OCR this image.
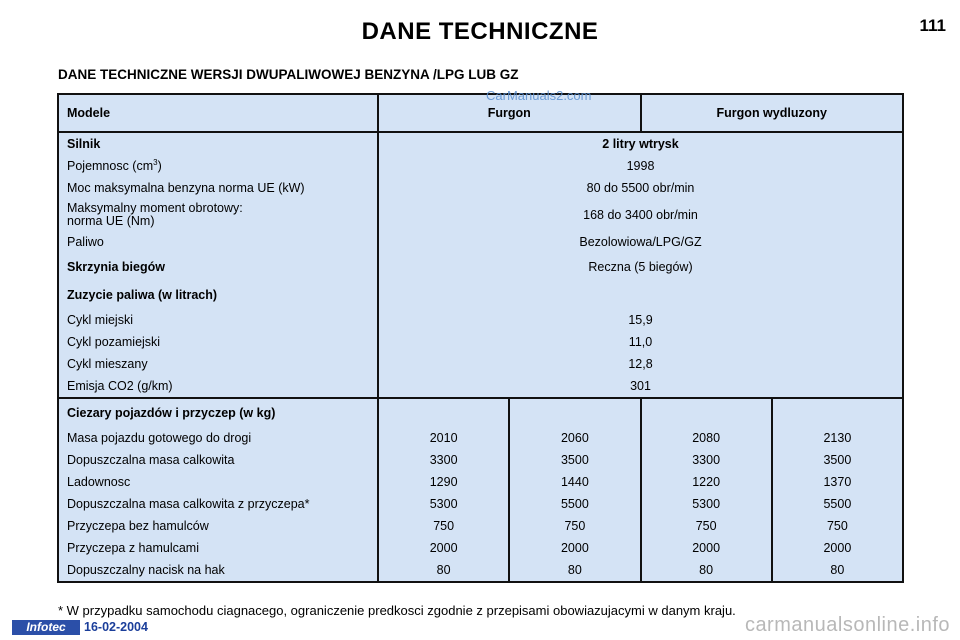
DANE TECHNICZNE	111
DANE TECHNICZNE WERSJI DWUPALIWOWEJ BENZYNA /LPG LUB GZ
Modele	Furgon		Furgon wydluzony	
Silnik	2 litry wtrysk			
Pojemnosc $(cm^3)$	1998			
Moc maksymalna benzyna norma UE (kW)	80 do 5500 obr/min			

Maksymalny moment obrotowy:
norma UE (Nm)	168 do 3400 obr/min			
Paliwo	Bezolowiowa/LPG/GZ			
Skrzynia biegów	Reczna (5 biegów)			
Zuzycie paliwa (w litrach)				
Cykl miejski	15,9			
Cykl pozamiejski	11,0			
Cykl mieszany	12,8			
Emisja CO2 (g/km)	301			
Ciezary pojazdów i przyczep (w kg)				
Masa pojazdu gotowego do drogi	2010	2060	2080	2130
Dopuszczalna masa calkowita	3300	3500	3300	3500
Ladownosc	1290	1440	1220	1370
Dopuszczalna masa calkowita z przyczepa*	5300	5500	5300	5500
Przyczepa bez hamulców	750	750	750	750
Przyczepa z hamulcami	2000	2000	2000	2000
Dopuszczalny nacisk na hak	80	80	80	80
CarManuals2.com
* W przypadku samochodu ciagnacego, ograniczenie predkosci zgodnie z przepisami obowiazujacymi w danym kraju.
Infotec	16-02-2004	carmanualsonline.info
